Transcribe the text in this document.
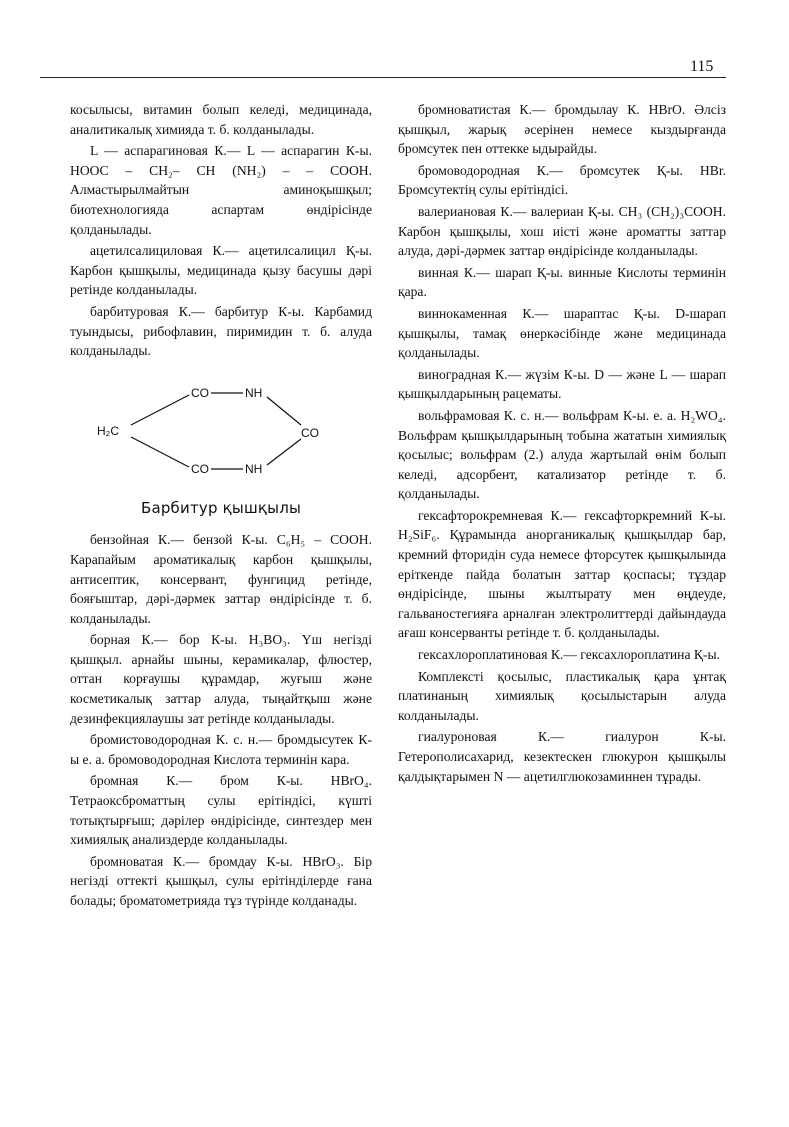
115

косылысы, витамин болып келеді, медицинада, аналитикалық химияда т. б. колданылады.

L — аспарагиновая К.— L — аспарагин К-ы. HOOC – CH₂– CH (NH₂) – – COOH. Алмастырылмайтын аминоқышқыл; биотехнологияда аспартам өндірісінде қолданылады.

ацетилсалициловая К.— ацетилсалицил Қ-ы. Карбон қышқылы, медицинада қызу басушы дәрі ретінде колданылады.

барбитуровая К.— барбитур К-ы. Карбамид туындысы, рибофлавин, пиримидин т. б. алуда колданылады.

H₂C
CO	NH
CO
CO	NH
Барбитур қышқылы

бензойная К.— бензой К-ы. C₆H₅ – COOH. Карапайым ароматикалық карбон қышқылы, антисептик, консервант, фунгицид ретінде, бояғыштар, дәрі-дәрмек заттар өндірісінде т. б. колданылады.

борная К.— бор К-ы. H₃BO₃. Үш негізді қышқыл. арнайы шыны, керамикалар, флюстер, оттан корғаушы құрамдар, жуғыш және косметикалық заттар алуда, тыңайтқыш және дезинфекциялаушы зат ретінде колданылады.

бромистоводородная К. с. н.— бромдысутек К-ы е. а. бромоводородная Кислота терминін кара.

бромная К.— бром К-ы. HBrO₄. Тетраоксброматтың сулы ерітіндісі, күшті тотықтырғыш; дәрілер өндірісінде, синтездер мен химиялық анализдерде колданылады.

бромноватая К.— бромдау К-ы. HBrO₃. Бір негізді оттекті қышқыл, сулы ерітінділерде ғана болады; броматометрияда тұз түрінде колданады.

бромноватистая К.— бромдылау К. HBrO. Әлсіз қышқыл, жарық әсерінен немесе кыздырғанда бромсутек пен оттекке ыдырайды.

бромоводородная К.— бромсутек Қ-ы. HBr. Бромсутектің сулы ерітіндісі.

валериановая К.— валериан Қ-ы. CH₃ (CH₂)₃COOH. Карбон қышқылы, хош иісті және ароматты заттар алуда, дәрі-дәрмек заттар өндірісінде колданылады.

винная К.— шарап Қ-ы. винные Кислоты терминін қара.

виннокаменная К.— шараптас Қ-ы. D-шарап қышқылы, тамақ өнеркәсібінде және медицинада қолданылады.

виноградная К.— жүзім К-ы. D — және L — шарап қышқылдарының рацематы.

вольфрамовая К. с. н.— вольфрам К-ы. е. а. H₂WO₄. Вольфрам қышқылдарының тобына жататын химиялық қосылыс; вольфрам (2.) алуда жартылай өнім болып келеді, адсорбент, катализатор ретінде т. б. қолданылады.

гексафторокремневая К.— гексафторкремний К-ы. H₂SiF₆. Құрамында анорганикалық қышқылдар бар, кремний фторидін суда немесе фторсутек қышқылында еріткенде пайда болатын заттар қоспасы; тұздар өндірісінде, шыны жылтырату мен өңдеуде, гальваностегияға арналған электролиттерді дайындауда ағаш консерванты ретінде т. б. қолданылады.

гексахлороплатиновая К.— гексахлороплатина Қ-ы.

Комплексті қосылыс, пластикалық қара ұнтақ платинаның химиялық қосылыстарын алуда колданылады.

гиалуроновая К.— гиалурон К-ы. Гетерополисахарид, кезектескен глюкурон қышқылы қалдықтарымен N — ацетилглюкозаминнен тұрады.
